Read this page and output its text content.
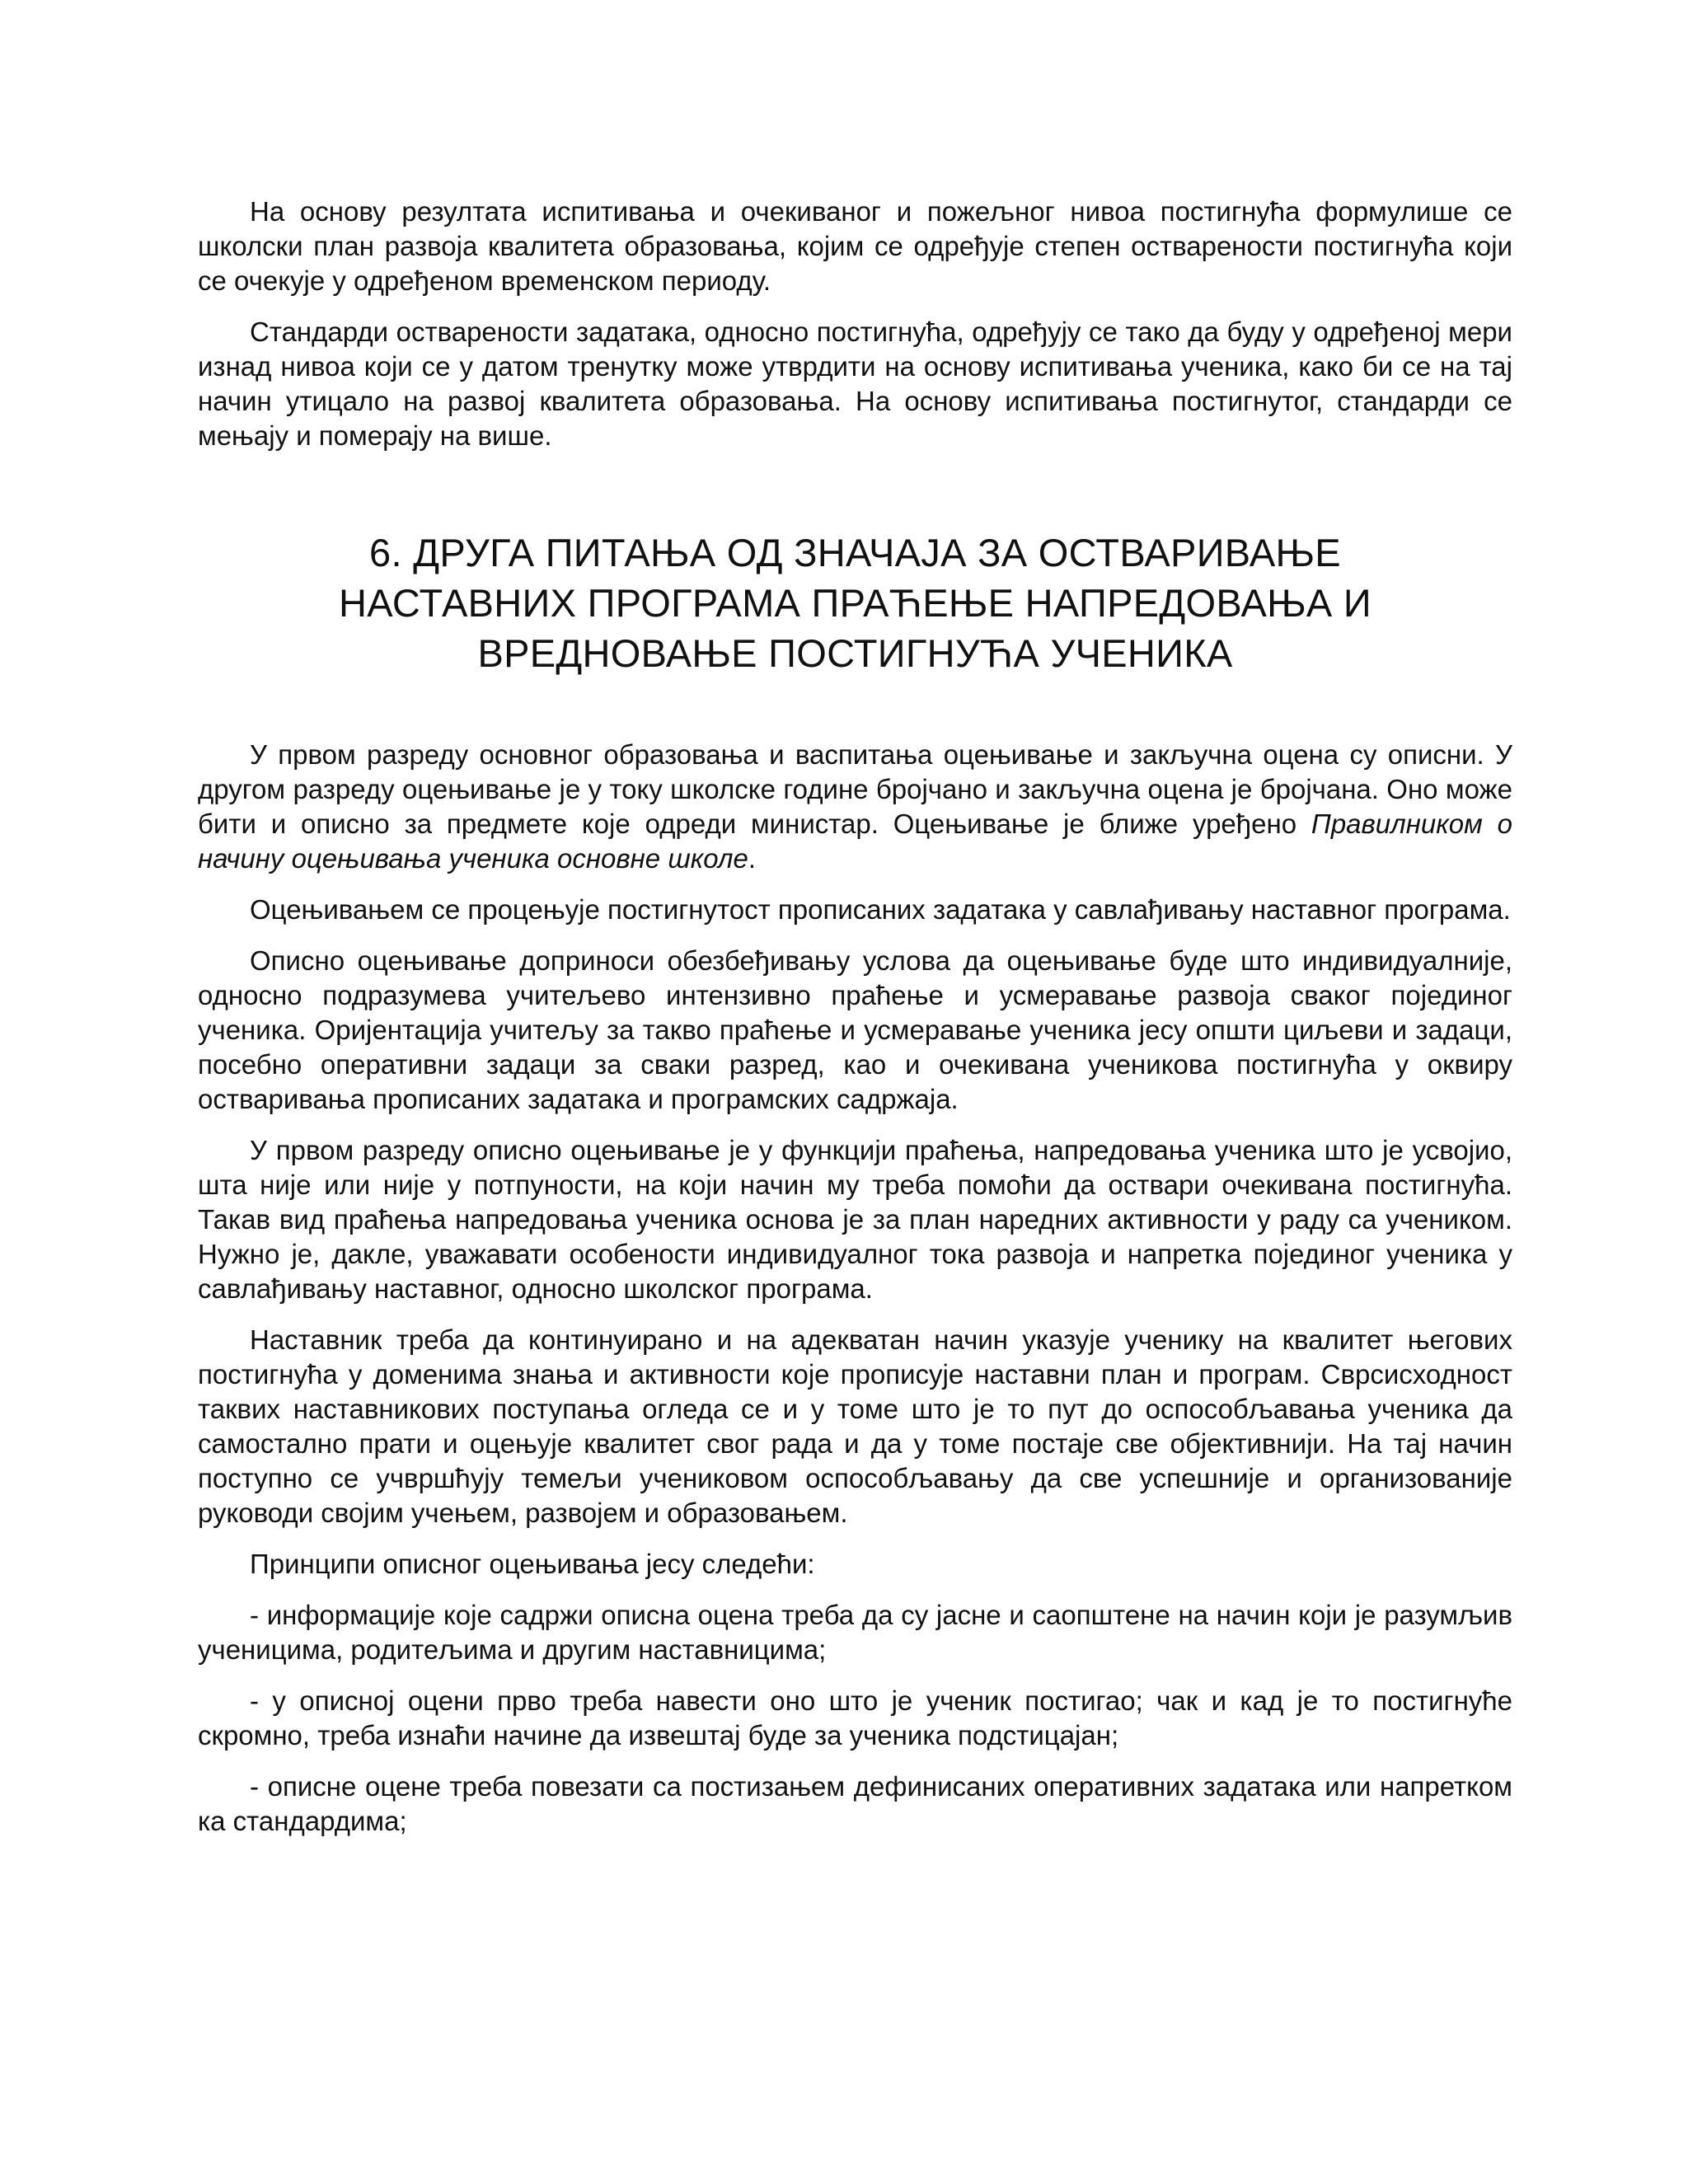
На основу резултата испитивања и очекиваног и пожељног нивоа постигнућа формулише се школски план развоја квалитета образовања, којим се одређује степен остварености постигнућа који се очекује у одређеном временском периоду.

Стандарди остварености задатака, односно постигнућа, одређују се тако да буду у одређеној мери изнад нивоа који се у датом тренутку може утврдити на основу испитивања ученика, како би се на тај начин утицало на развој квалитета образовања. На основу испитивања постигнутог, стандарди се мењају и померају на више.

6. ДРУГА ПИТАЊА ОД ЗНАЧАЈА ЗА ОСТВАРИВАЊЕ
НАСТАВНИХ ПРОГРАМА ПРАЋЕЊЕ НАПРЕДОВАЊА И
ВРЕДНОВАЊЕ ПОСТИГНУЋА УЧЕНИКА

У првом разреду основног образовања и васпитања оцењивање и закључна оцена су описни. У другом разреду оцењивање је у току школске године бројчано и закључна оцена је бројчана. Оно може бити и описно за предмете које одреди министар. Оцењивање је ближе уређено Правилником о начину оцењивања ученика основне школе.

Оцењивањем се процењује постигнутост прописаних задатака у савлађивању наставног програма.

Описно оцењивање доприноси обезбеђивању услова да оцењивање буде што индивидуалније, односно подразумева учитељево интензивно праћење и усмеравање развоја сваког појединог ученика. Оријентација учитељу за такво праћење и усмеравање ученика јесу општи циљеви и задаци, посебно оперативни задаци за сваки разред, као и очекивана ученикова постигнућа у оквиру остваривања прописаних задатака и програмских садржаја.

У првом разреду описно оцењивање је у функцији праћења, напредовања ученика што је усвојио, шта није или није у потпуности, на који начин му треба помоћи да оствари очекивана постигнућа. Такав вид праћења напредовања ученика основа је за план наредних активности у раду са учеником. Нужно је, дакле, уважавати особености индивидуалног тока развоја и напретка појединог ученика у савлађивању наставног, односно школског програма.

Наставник треба да континуирано и на адекватан начин указује ученику на квалитет његових постигнућа у доменима знања и активности које прописује наставни план и програм. Сврсисходност таквих наставникових поступања огледа се и у томе што је то пут до оспособљавања ученика да самостално прати и оцењује квалитет свог рада и да у томе постаје све објективнији. На тај начин поступно се учвршћују темељи учениковом оспособљавању да све успешније и организованије руководи својим учењем, развојем и образовањем.

Принципи описног оцењивања јесу следећи:

- информације које садржи описна оцена треба да су јасне и саопштене на начин који је разумљив ученицима, родитељима и другим наставницима;

- у описној оцени прво треба навести оно што је ученик постигао; чак и кад је то постигнуће скромно, треба изнаћи начине да извештај буде за ученика подстицајан;

- описне оцене треба повезати са постизањем дефинисаних оперативних задатака или напретком ка стандардима;
